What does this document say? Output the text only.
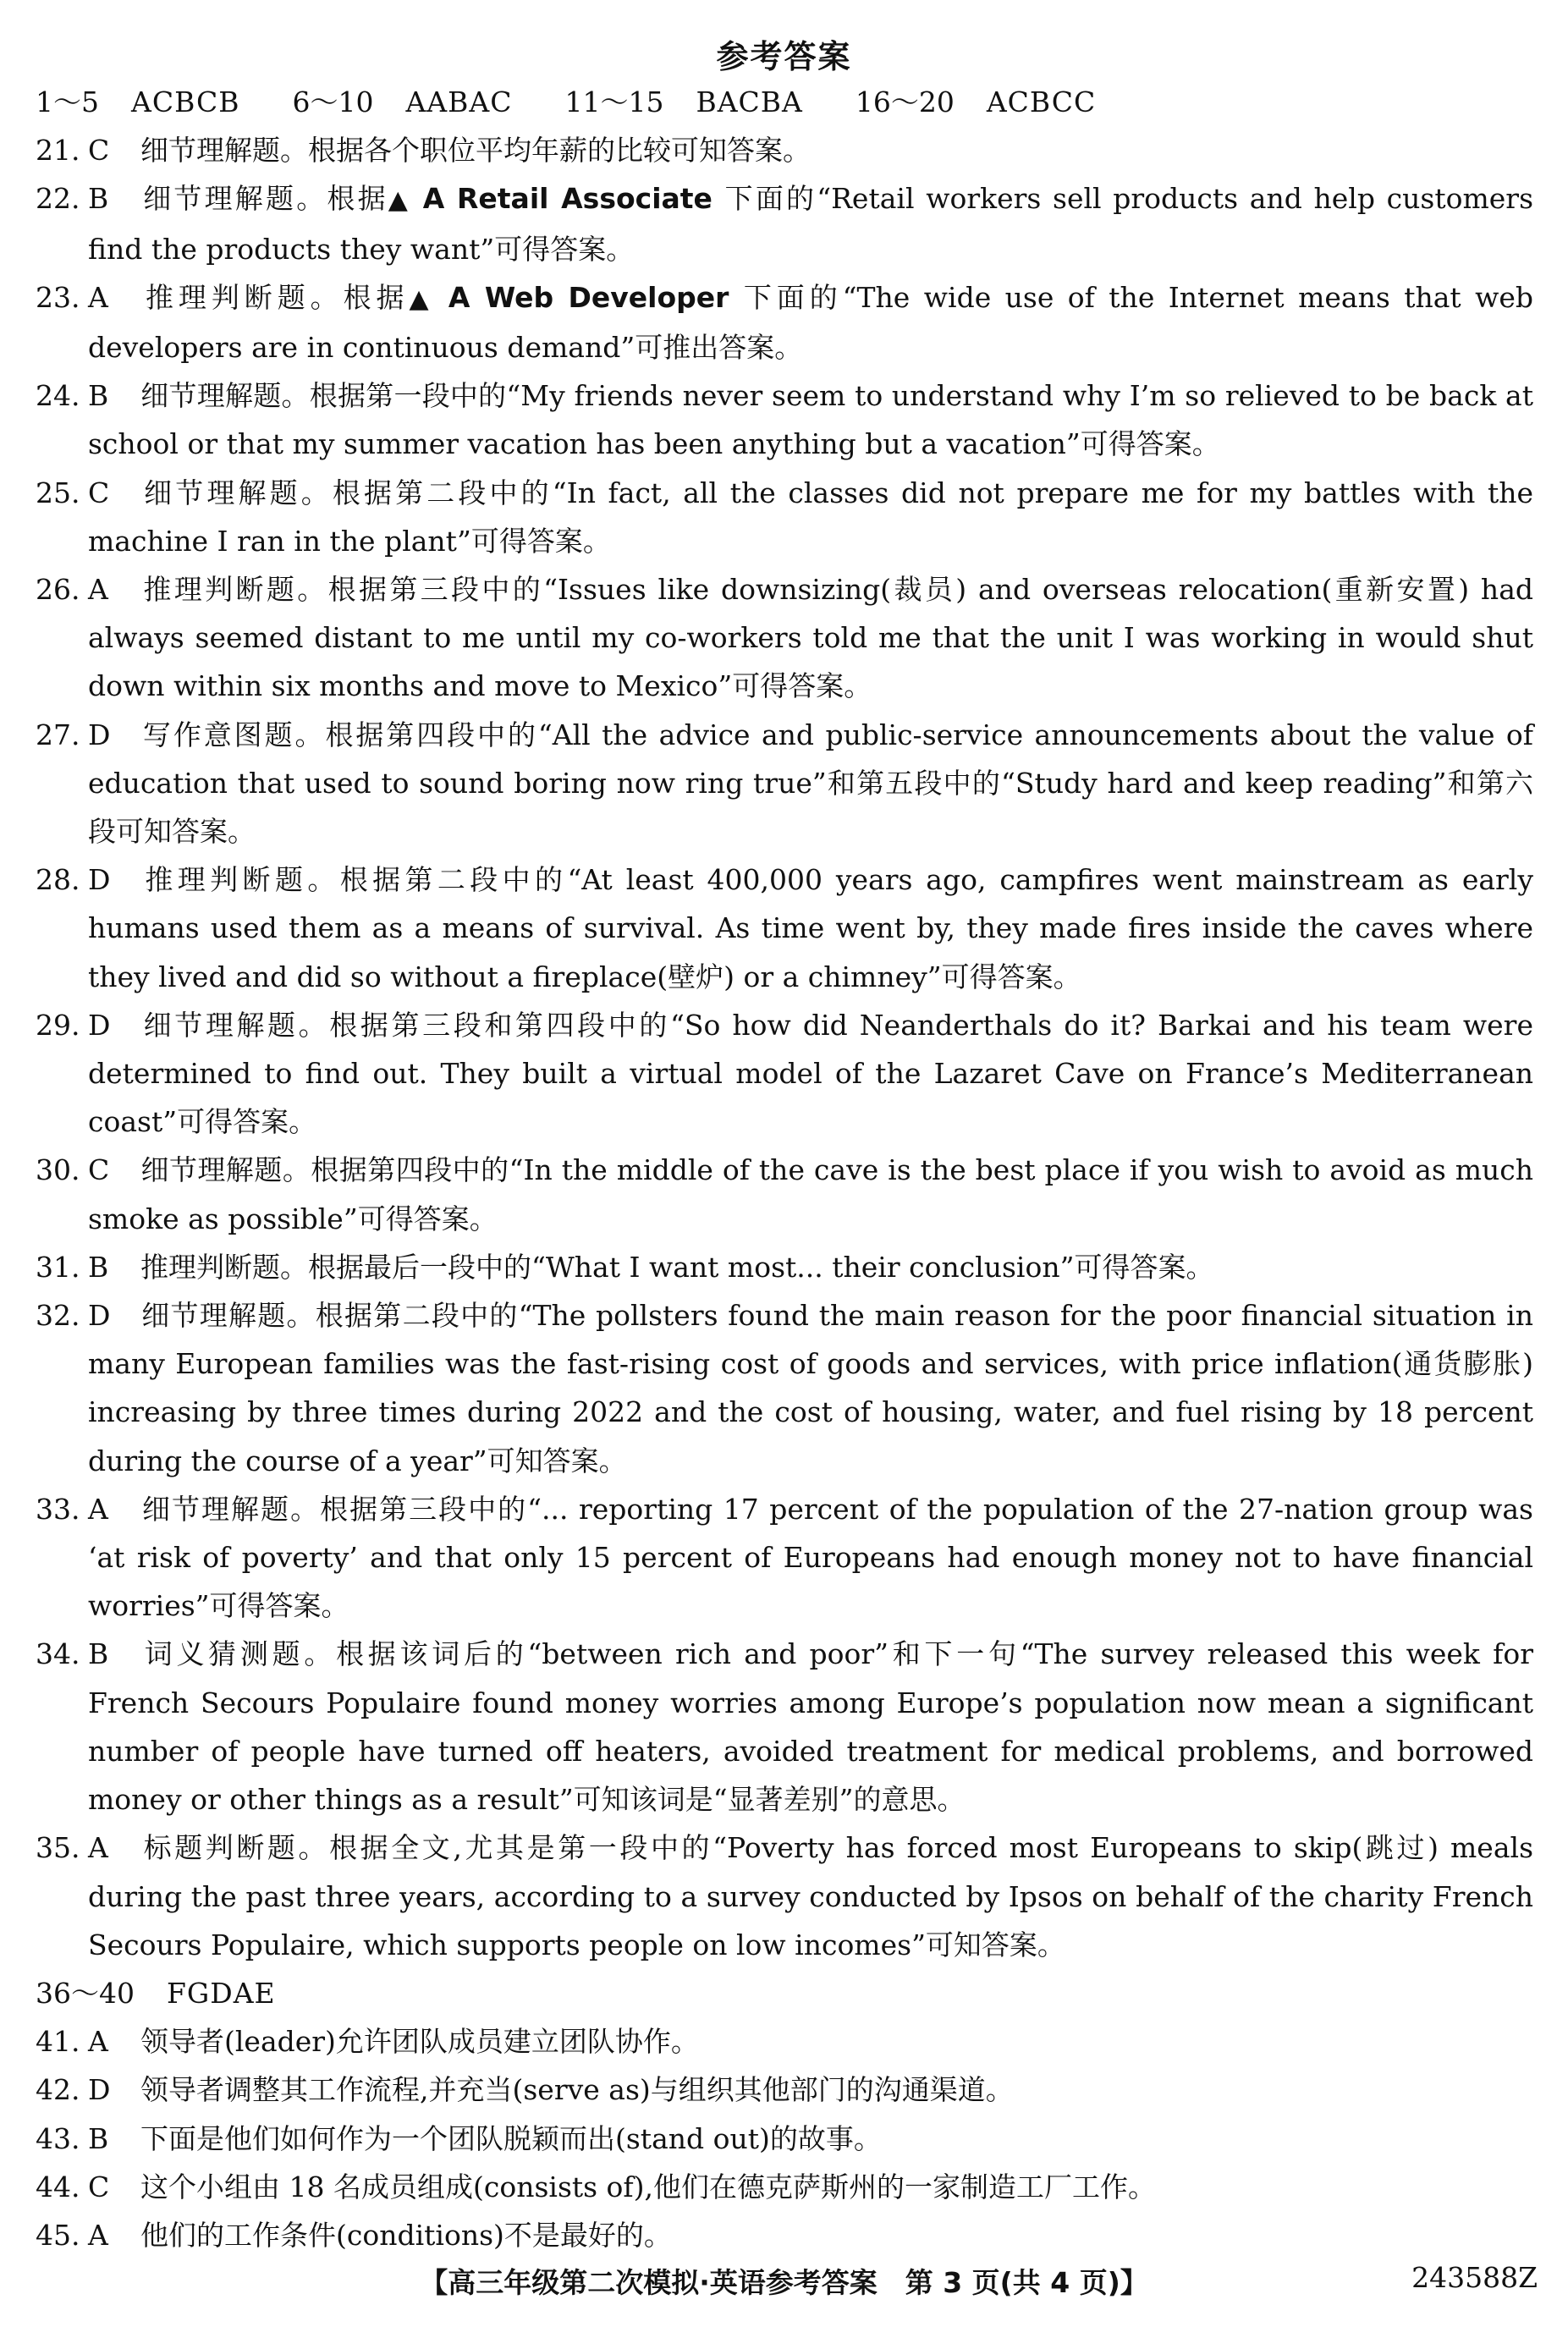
参考答案
1～5 ACBCB 6～10 AABAC 11～15 BACBA 16～20 ACBCC

21. C 细节理解题。根据各个职位平均年薪的比较可知答案。

22. B 细节理解题。根据▲ A Retail Associate 下面的“Retail workers sell products and help customers find the products they want”可得答案。

23. A 推理判断题。根据▲ A Web Developer 下面的“The wide use of the Internet means that web developers are in continuous demand”可推出答案。

24. B 细节理解题。根据第一段中的“My friends never seem to understand why I’m so relieved to be back at school or that my summer vacation has been anything but a vacation”可得答案。

25. C 细节理解题。根据第二段中的“In fact, all the classes did not prepare me for my battles with the machine I ran in the plant”可得答案。

26. A 推理判断题。根据第三段中的“Issues like downsizing(裁员) and overseas relocation(重新安置) had always seemed distant to me until my co-workers told me that the unit I was working in would shut down within six months and move to Mexico”可得答案。

27. D 写作意图题。根据第四段中的“All the advice and public-service announcements about the value of education that used to sound boring now ring true”和第五段中的“Study hard and keep reading”和第六段可知答案。

28. D 推理判断题。根据第二段中的“At least 400,000 years ago, campfires went mainstream as early humans used them as a means of survival. As time went by, they made fires inside the caves where they lived and did so without a fireplace(壁炉) or a chimney”可得答案。

29. D 细节理解题。根据第三段和第四段中的“So how did Neanderthals do it? Barkai and his team were determined to find out. They built a virtual model of the Lazaret Cave on France’s Mediterranean coast”可得答案。

30. C 细节理解题。根据第四段中的“In the middle of the cave is the best place if you wish to avoid as much smoke as possible”可得答案。

31. B 推理判断题。根据最后一段中的“What I want most... their conclusion”可得答案。

32. D 细节理解题。根据第二段中的“The pollsters found the main reason for the poor financial situation in many European families was the fast-rising cost of goods and services, with price inflation(通货膨胀) increasing by three times during 2022 and the cost of housing, water, and fuel rising by 18 percent during the course of a year”可知答案。

33. A 细节理解题。根据第三段中的“... reporting 17 percent of the population of the 27-nation group was ‘at risk of poverty’ and that only 15 percent of Europeans had enough money not to have financial worries”可得答案。

34. B 词义猜测题。根据该词后的“between rich and poor”和下一句“The survey released this week for French Secours Populaire found money worries among Europe’s population now mean a significant number of people have turned off heaters, avoided treatment for medical problems, and borrowed money or other things as a result”可知该词是“显著差别”的意思。

35. A 标题判断题。根据全文,尤其是第一段中的“Poverty has forced most Europeans to skip(跳过) meals during the past three years, according to a survey conducted by Ipsos on behalf of the charity French Secours Populaire, which supports people on low incomes”可知答案。

36～40 FGDAE

41. A 领导者(leader)允许团队成员建立团队协作。

42. D 领导者调整其工作流程,并充当(serve as)与组织其他部门的沟通渠道。

43. B 下面是他们如何作为一个团队脱颖而出(stand out)的故事。

44. C 这个小组由 18 名成员组成(consists of),他们在德克萨斯州的一家制造工厂工作。

45. A 他们的工作条件(conditions)不是最好的。

【高三年级第二次模拟·英语参考答案　第 3 页(共 4 页)】	243588Z
